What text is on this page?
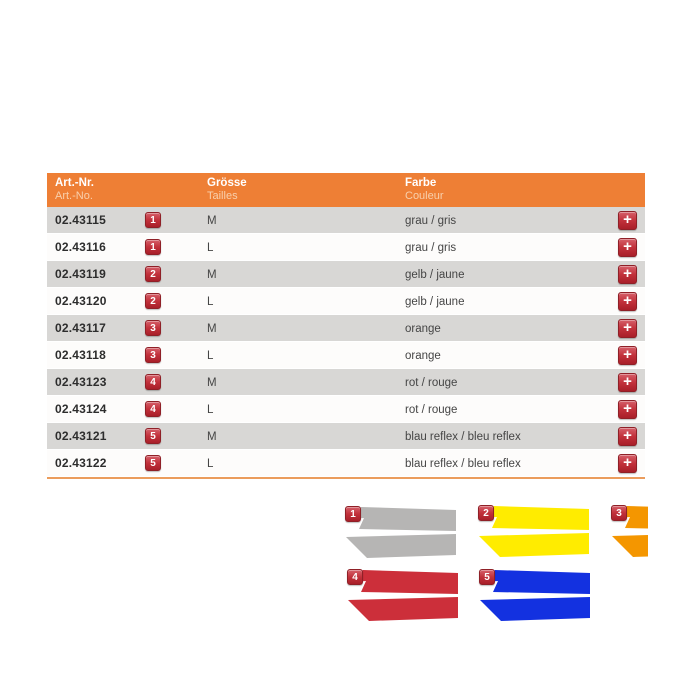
Art.-Nr.
Art.-No.
Grösse
Tailles
Farbe
Couleur
02.43115	1	M	grau / gris	+
02.43116	1	L	grau / gris	+
02.43119	2	M	gelb / jaune	+
02.43120	2	L	gelb / jaune	+
02.43117	3	M	orange	+
02.43118	3	L	orange	+
02.43123	4	M	rot / rouge	+
02.43124	4	L	rot / rouge	+
02.43121	5	M	blau reflex / bleu reflex	+
02.43122	5	L	blau reflex / bleu reflex	+
1	2	3
4	5
